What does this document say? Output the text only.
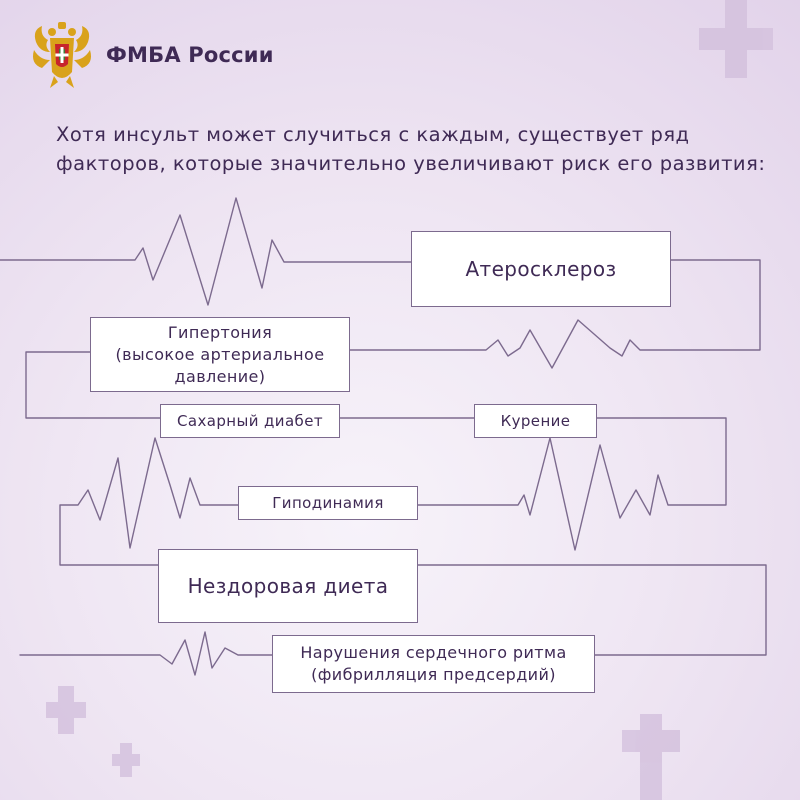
ФМБА России

Хотя инсульт может случиться с каждым, существует ряд
факторов, которые значительно увеличивают риск его развития:

Атеросклероз
Гипертония
(высокое артериальное
давление)
Сахарный диабет	Курение
Гиподинамия
Нездоровая диета
Нарушения сердечного ритма
(фибрилляция предсердий)
